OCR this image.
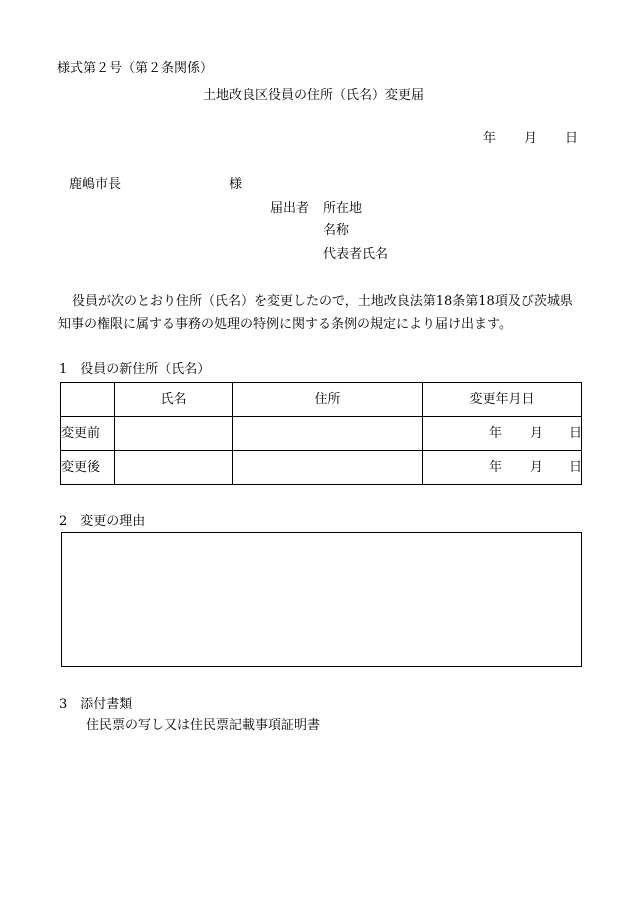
様式第２号（第２条関係）
土地改良区役員の住所（氏名）変更届
年 月 日
鹿嶋市長	様
届出者 所在地
名称
代表者氏名
役員が次のとおり住所（氏名）を変更したので，土地改良法第18条第18項及び茨城県
知事の権限に属する事務の処理の特例に関する条例の規定により届け出ます。
1　役員の新住所（氏名）
	氏名	住所	変更年月日
変更前			年 月 日

変更後			年 月 日
2　変更の理由
3　添付書類
住民票の写し又は住民票記載事項証明書
